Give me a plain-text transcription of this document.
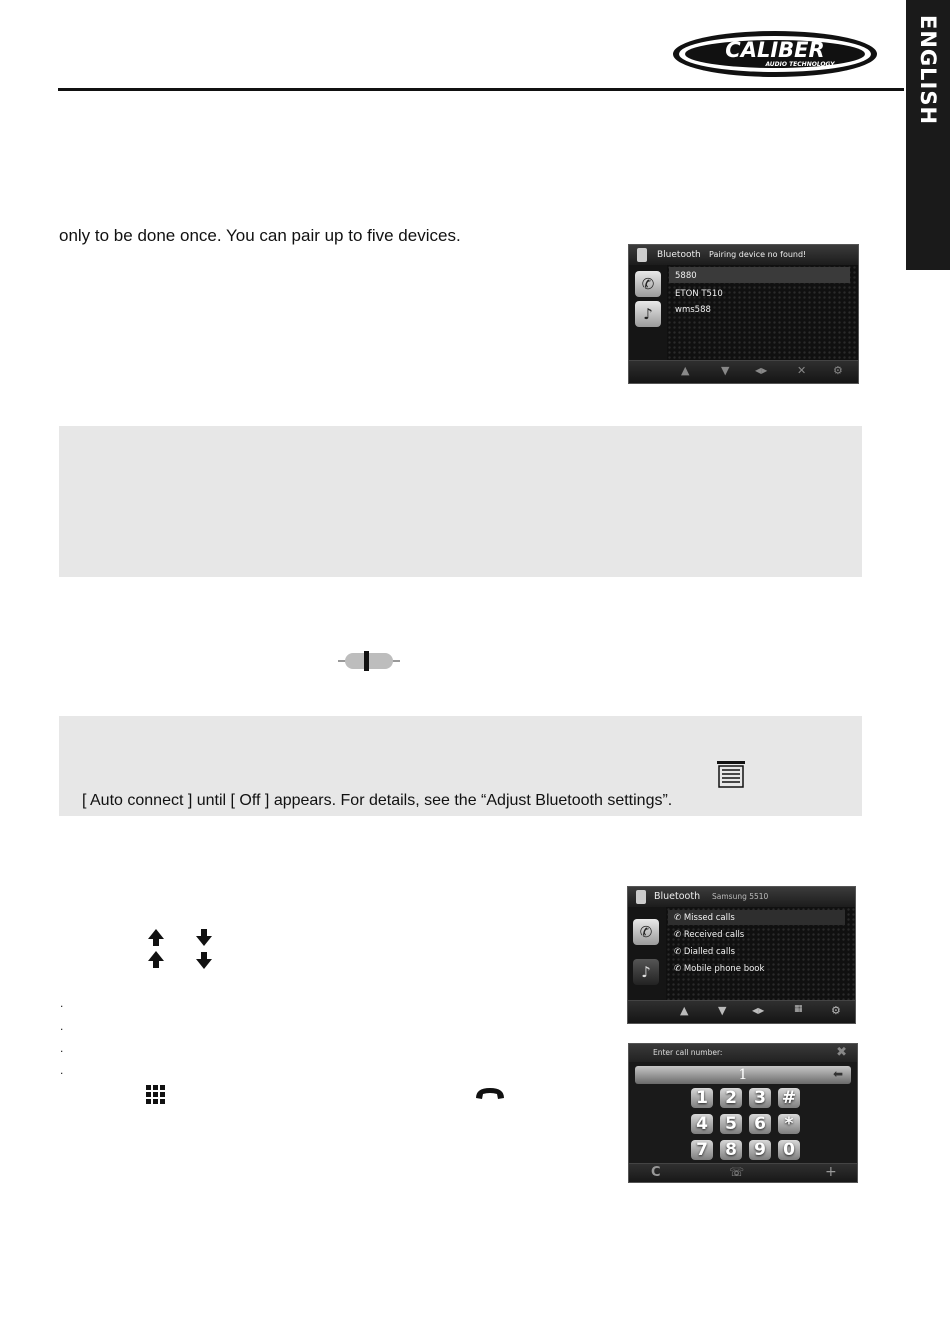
CALIBER
AUDIO TECHNOLOGY	ENGLISH
only to be done once. You can pair up to five devices.
Bluetooth Pairing device no found!
✆
♪
5880
ETON T510
wms588
▲	▼	◀▶	✕ ⚙
[ Auto connect ] until [ Off ] appears. For details, see the “Adjust Bluetooth settings”.
.
.
.
.
Bluetooth Samsung 5510
✆
♪
✆ Missed calls
✆ Received calls
✆ Dialled calls
✆ Mobile phone book
▲	▼	◀▶	▦	⚙
Enter call number:	✖
1	⬅
1 2 3 #
4 5 6	*
7 8 9 0
C	☏	+
